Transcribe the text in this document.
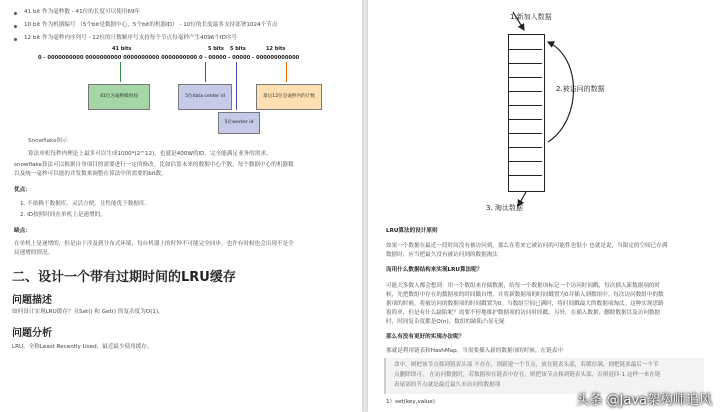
41 bit 作为毫秒数 - 41位的长度可以使用69年
10 bit 作为机器编号 （5个bit是数据中心，5个bit的机器ID） - 10位的长度最多支持部署1024个节点
12 bit 作为毫秒内序列号 - 12位的计数顺序号支持每个节点每毫秒产生4096个ID序号
41 bits	5 bits 5 bits	12 bits
0 - 0000000000 0000000000 0000000000 0000000000 0 - 00000 - 00000 - 000000000000
41位为毫秒级时间	5位data center id
5位worker id
最后12位是毫秒内的计数
Snowflake图示
算法单机每秒内理论上最多可以生成1000*(2^12)，也就是400W的ID，完全能满足业务的需求。
snowflake算法可以根据自身项目的需要进行一定的修改。比如估算未来的数据中心个数，每个数据中心的机器数
以及统一毫秒可以能的并发数来调整在算法中所需要的bit数。
优点：
1. 不依赖于数据库，灵活方便，且性能优于数据库。
2. ID按照时间在单机上是递增的。
缺点：
在单机上是递增的，但是由于涉及到分布式环境，每台机器上的时钟不可能完全同步，也许有时候也会出现不是全
局递增的情况。
二、设计一个带有过期时间的LRU缓存
问题描述
如何设计实现LRU缓存？且Set() 和 Get() 的复杂度为O(1)。
问题分析
LRU，全称Least Recently Used，最近最少使用缓存。
1.新加入数据
2.被访问的数据
3. 淘汰数据
LRU算法的设计原则
如果一个数据在最近一段时间没有被访问到，那么在将来它被访问的可能性也很小 也就是说，当限定的空间已存满
数据时，应当把最久没有被访问到的数据淘汰
而用什么数据结构来实现LRU算法呢？
可能大多数人都会想到：用一个数组来存储数据，给每一个数据项标记一个访问时间戳，每次插入新数据项的时
候，先把数组中存在的数据项的时间戳自增，并将新数据项的时间戳置为0并插入到数组中。每次访问数组中的数
据项的时候，将被访问的数据项的时间戳置为0。当数组空间已满时，将时间戳最大的数据项淘汰。这种实现思路
很简单，但是有什么缺陷呢？需要不停地维护数据项的访问时间戳，另外，在插入数据、删除数据以及访问数据
时，时间复杂度都是O(n)。数组的缺陷凸显无疑
那么有没有更好的实现办法呢？
那就是利用链表和HashMap。当需要插入新的数据项的时候，在链表中
命中，则把该节点移到链表头部 不存在，则新建一个节点，放在链表头部，若缓存满，则把链表最后一个节
点删除即可。 在访问数据时，若数据项在链表中存在，则把该节点移到链表头部，否则返回-1 这样一来在链
表尾部的节点就是最近最久未访问的数据项
1）set(key,value)	头条 @Java架构师追风
